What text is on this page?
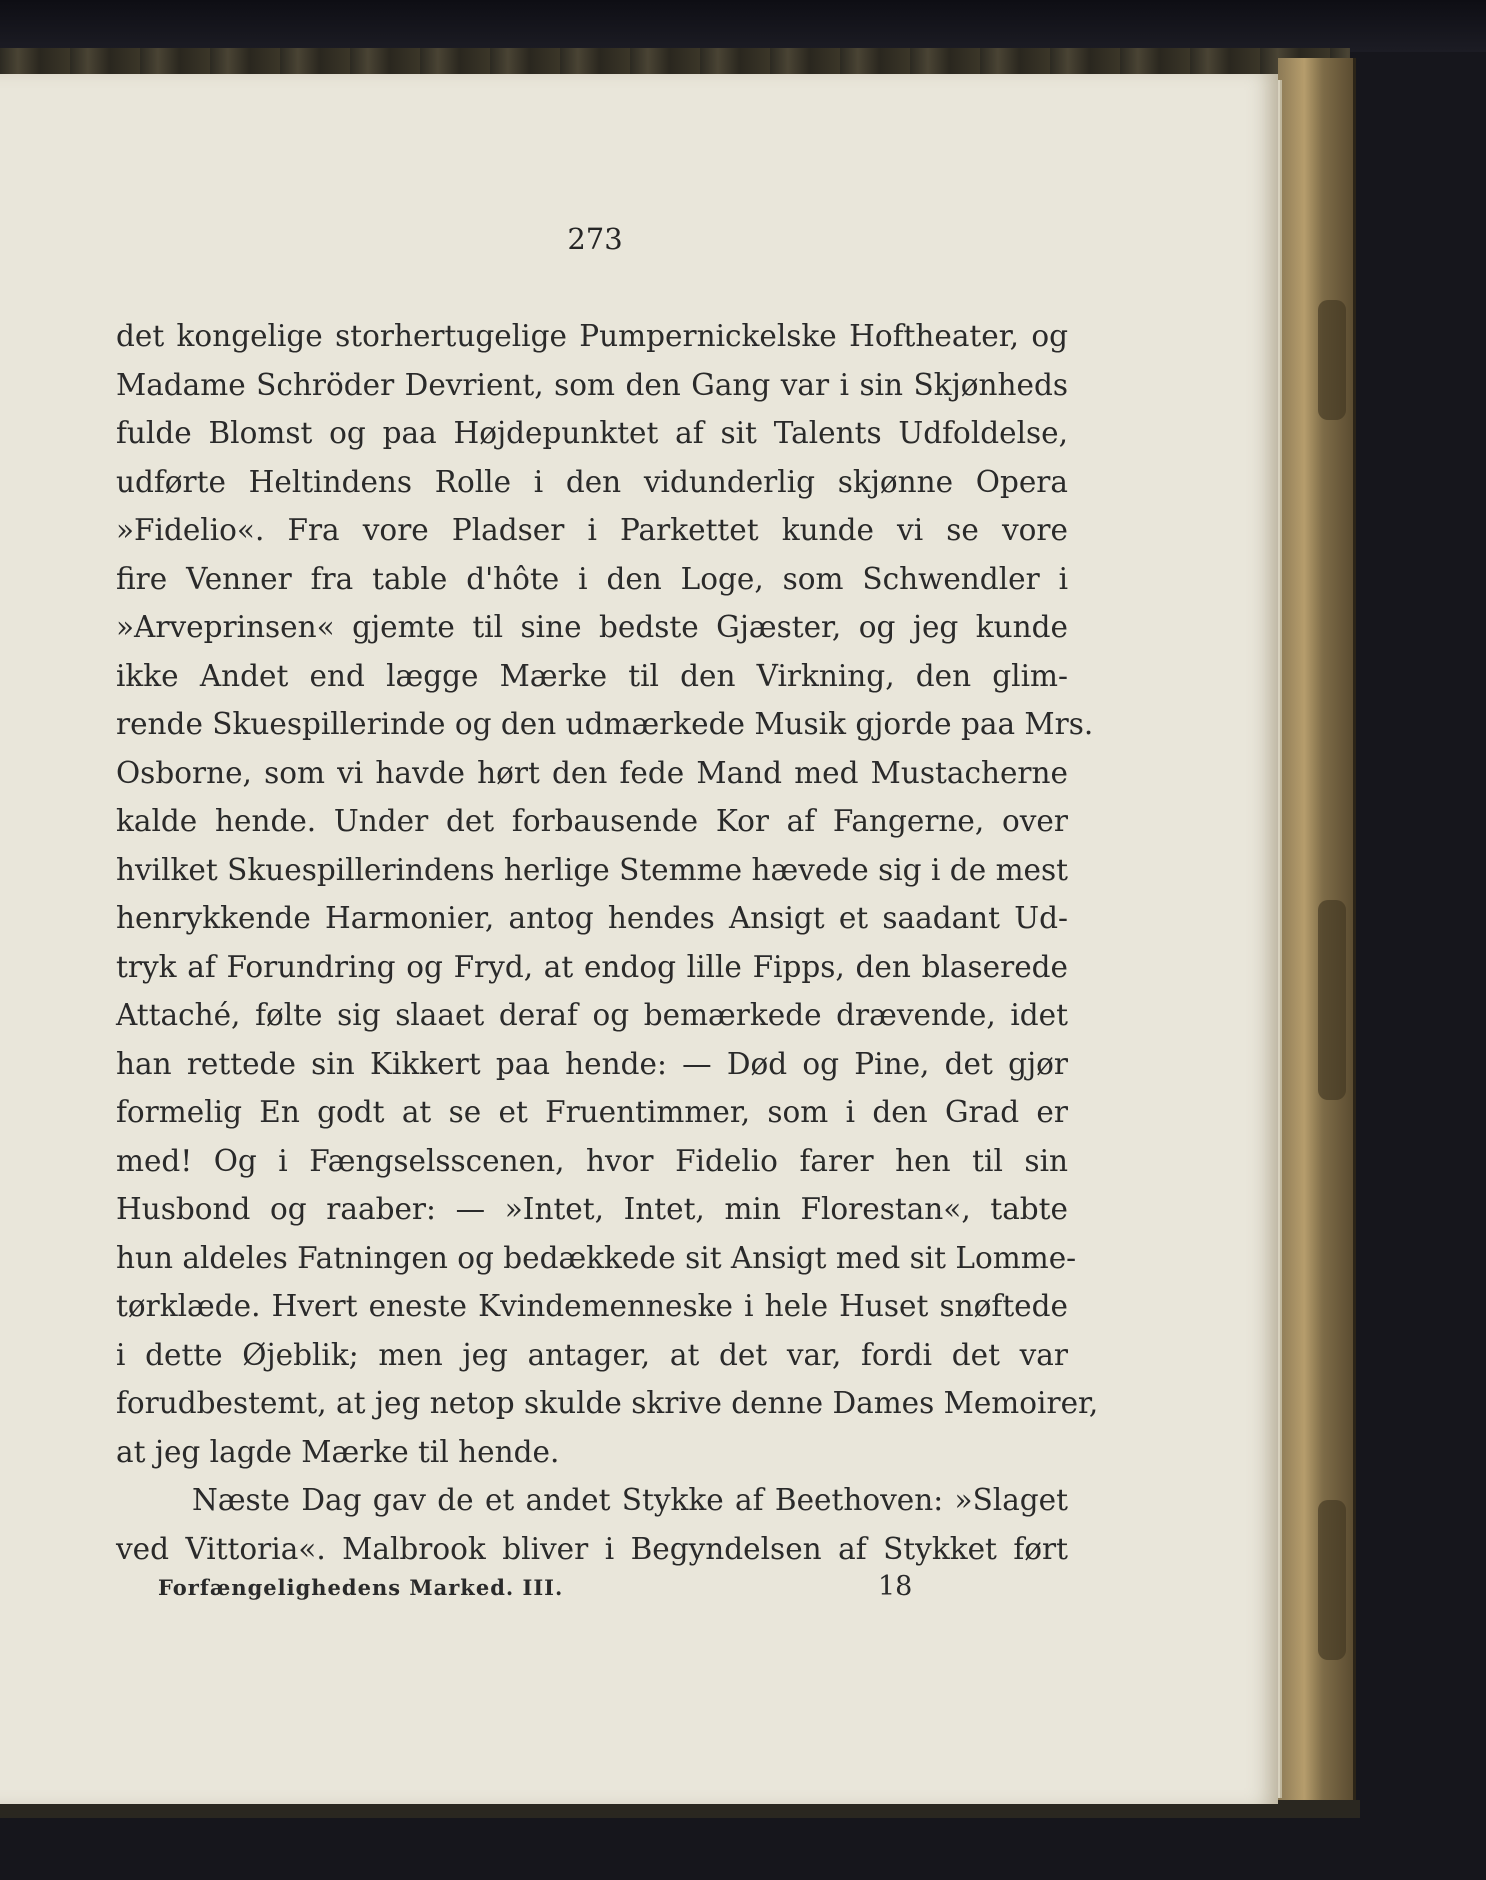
273
det kongelige storhertugelige Pumpernickelske Hoftheater, og
Madame Schröder Devrient, som den Gang var i sin Skjønheds
fulde Blomst og paa Højdepunktet af sit Talents Udfoldelse,
udførte Heltindens Rolle i den vidunderlig skjønne Opera
»Fidelio«. Fra vore Pladser i Parkettet kunde vi se vore
fire Venner fra table d'hôte i den Loge, som Schwendler i
»Arveprinsen« gjemte til sine bedste Gjæster, og jeg kunde
ikke Andet end lægge Mærke til den Virkning, den glim-
rende Skuespillerinde og den udmærkede Musik gjorde paa Mrs.
Osborne, som vi havde hørt den fede Mand med Mustacherne
kalde hende. Under det forbausende Kor af Fangerne, over
hvilket Skuespillerindens herlige Stemme hævede sig i de mest
henrykkende Harmonier, antog hendes Ansigt et saadant Ud-
tryk af Forundring og Fryd, at endog lille Fipps, den blaserede
Attaché, følte sig slaaet deraf og bemærkede drævende, idet
han rettede sin Kikkert paa hende: — Død og Pine, det gjør
formelig En godt at se et Fruentimmer, som i den Grad er
med! Og i Fængselsscenen, hvor Fidelio farer hen til sin
Husbond og raaber: — »Intet, Intet, min Florestan«, tabte
hun aldeles Fatningen og bedækkede sit Ansigt med sit Lomme-
tørklæde. Hvert eneste Kvindemenneske i hele Huset snøftede
i dette Øjeblik; men jeg antager, at det var, fordi det var
forudbestemt, at jeg netop skulde skrive denne Dames Memoirer,
at jeg lagde Mærke til hende.
Næste Dag gav de et andet Stykke af Beethoven: »Slaget
ved Vittoria«. Malbrook bliver i Begyndelsen af Stykket ført
Forfængelighedens Marked. III.	18
